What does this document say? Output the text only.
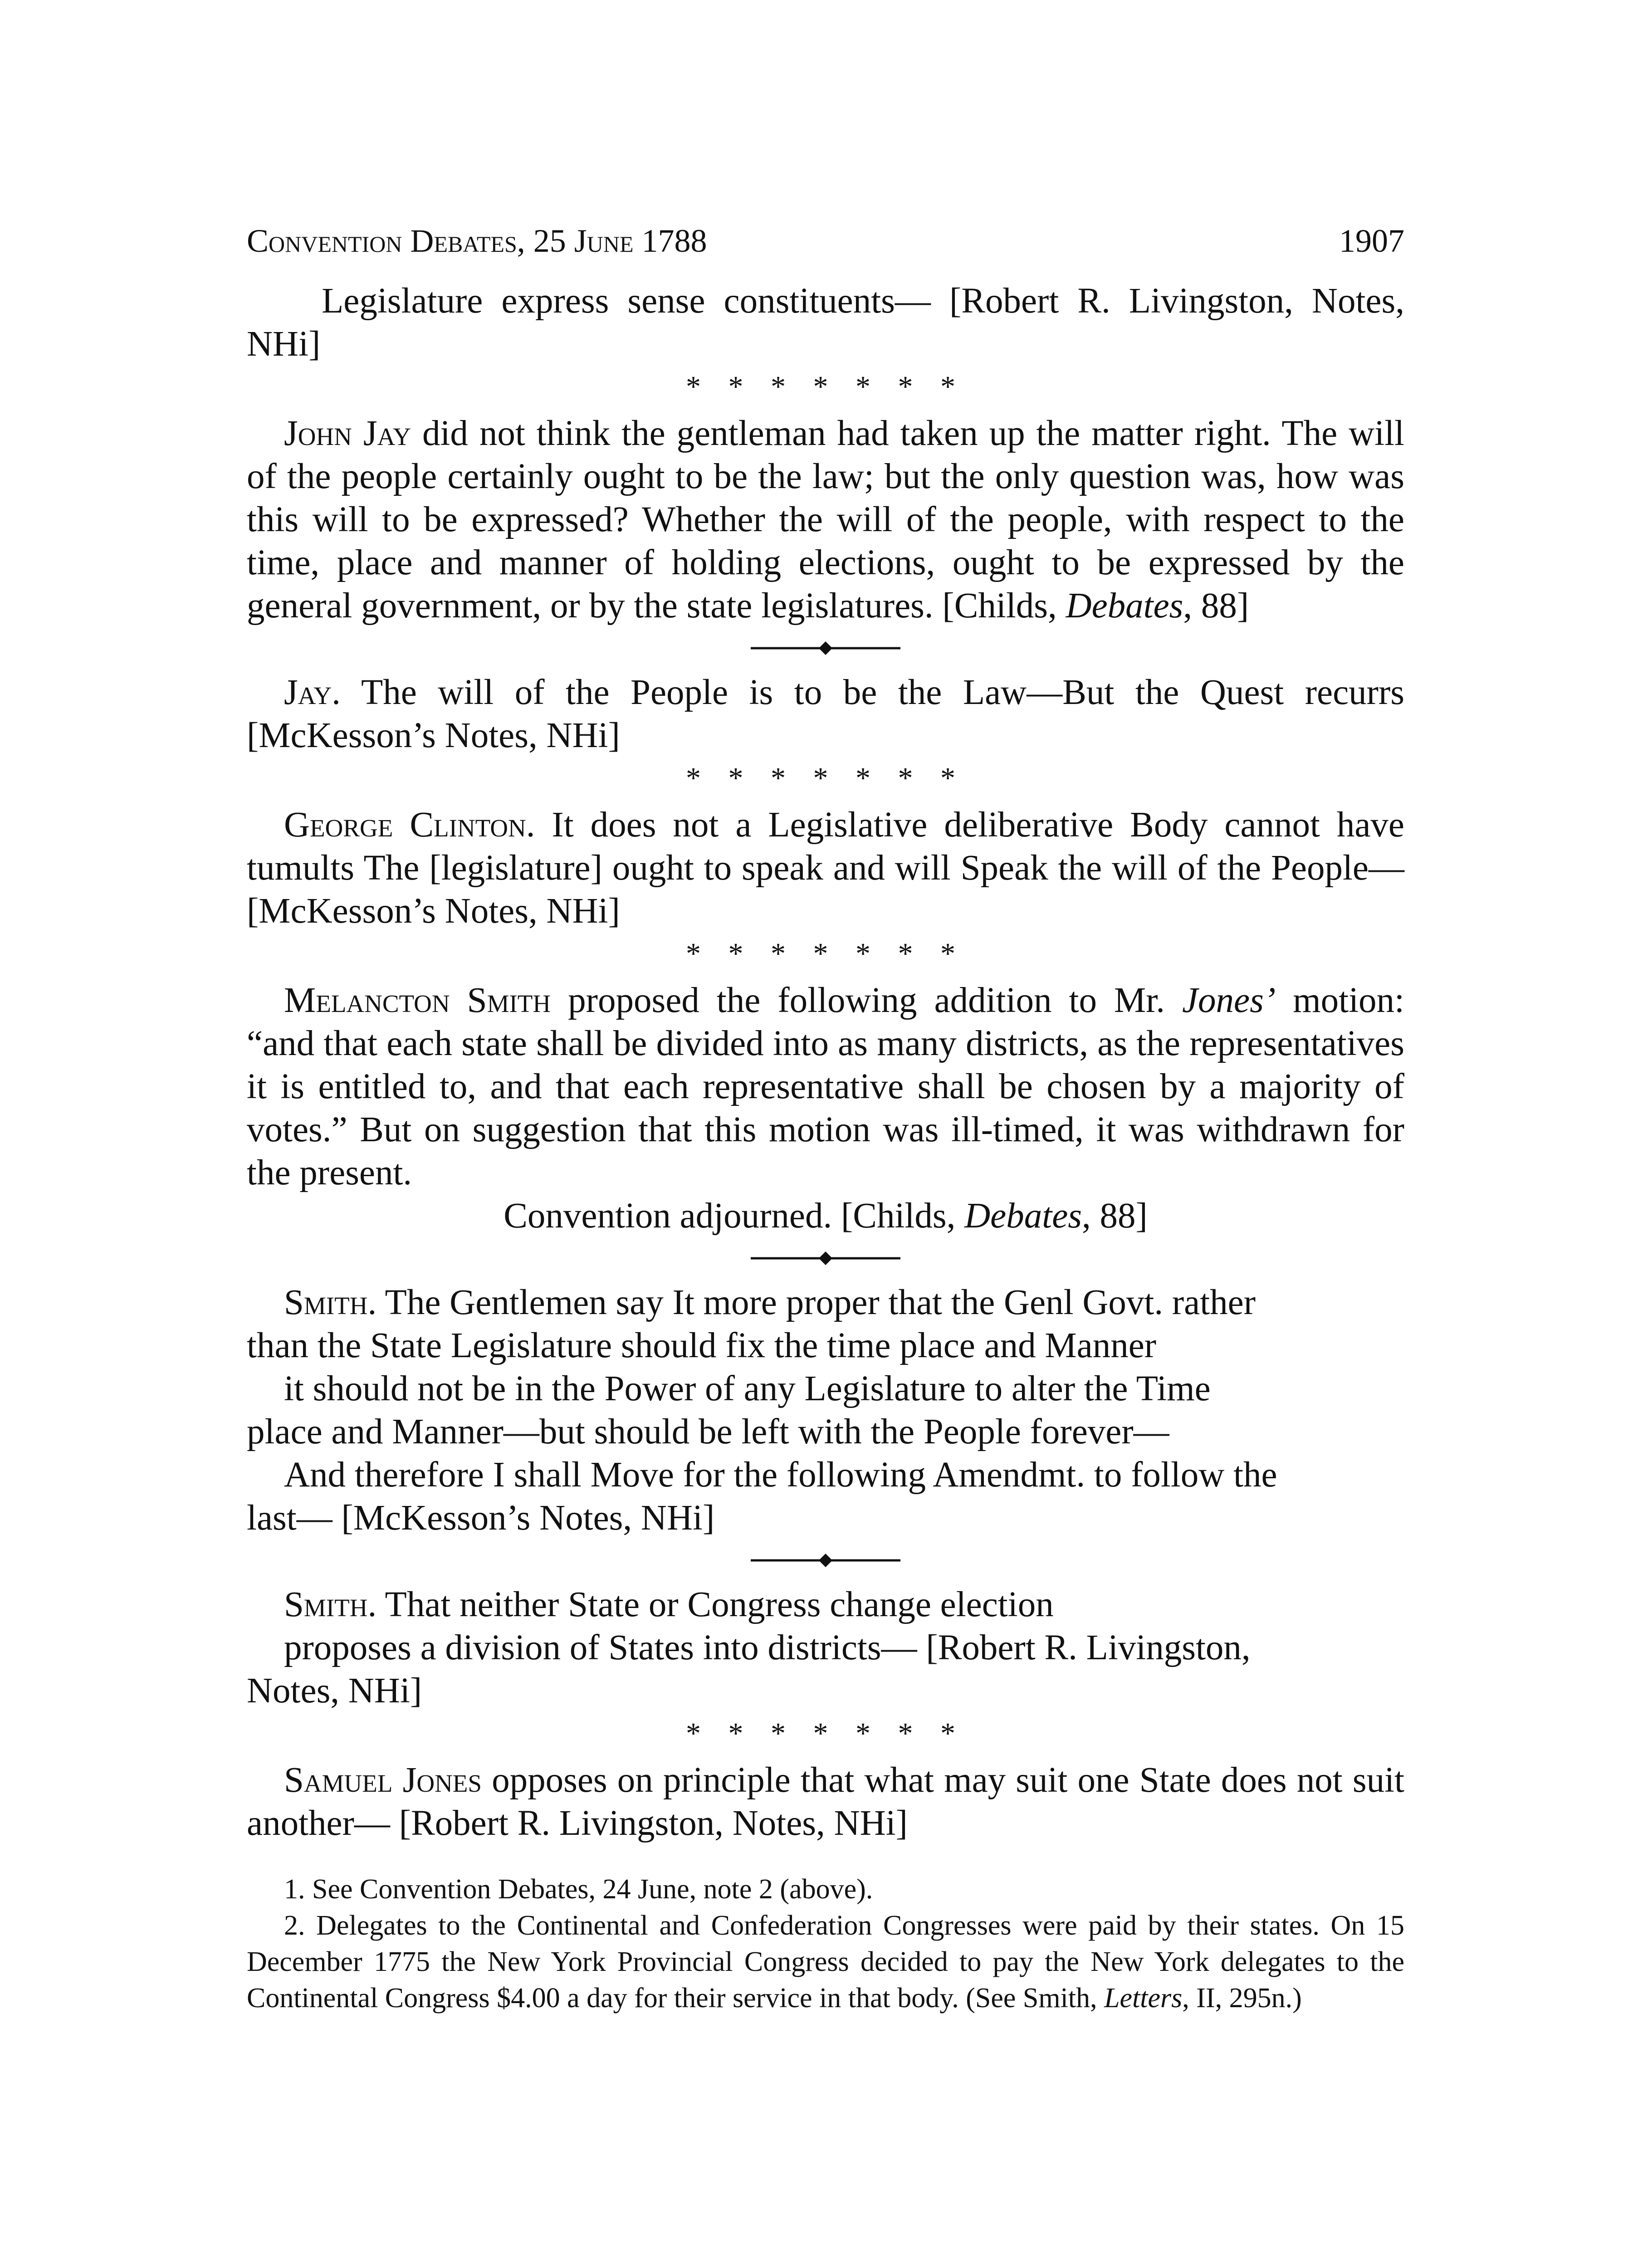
Convention Debates, 25 June 1788	1907

Legislature express sense constituents— [Robert R. Livingston, Notes, NHi]

* * * * * * *

John Jay did not think the gentleman had taken up the matter right. The will of the people certainly ought to be the law; but the only question was, how was this will to be expressed? Whether the will of the people, with respect to the time, place and manner of holding elections, ought to be expressed by the general government, or by the state legislatures. [Childs, Debates, 88]

Jay. The will of the People is to be the Law—But the Quest recurrs [McKesson’s Notes, NHi]

* * * * * * *

George Clinton. It does not a Legislative deliberative Body cannot have tumults The [legislature] ought to speak and will Speak the will of the People— [McKesson’s Notes, NHi]

* * * * * * *

Melancton Smith proposed the following addition to Mr. Jones’ motion: “and that each state shall be divided into as many districts, as the representatives it is entitled to, and that each representative shall be chosen by a majority of votes.” But on suggestion that this motion was ill-timed, it was withdrawn for the present.

Convention adjourned. [Childs, Debates, 88]

Smith. The Gentlemen say It more proper that the Genl Govt. rather

than the State Legislature should fix the time place and Manner

it should not be in the Power of any Legislature to alter the Time

place and Manner—but should be left with the People forever—

And therefore I shall Move for the following Amendmt. to follow the

last— [McKesson’s Notes, NHi]

Smith. That neither State or Congress change election

proposes a division of States into districts— [Robert R. Livingston,

Notes, NHi]

* * * * * * *

Samuel Jones opposes on principle that what may suit one State does not suit another— [Robert R. Livingston, Notes, NHi]

1. See Convention Debates, 24 June, note 2 (above).

2. Delegates to the Continental and Confederation Congresses were paid by their states. On 15 December 1775 the New York Provincial Congress decided to pay the New York delegates to the Continental Congress $4.00 a day for their service in that body. (See Smith, Letters, II, 295n.)
